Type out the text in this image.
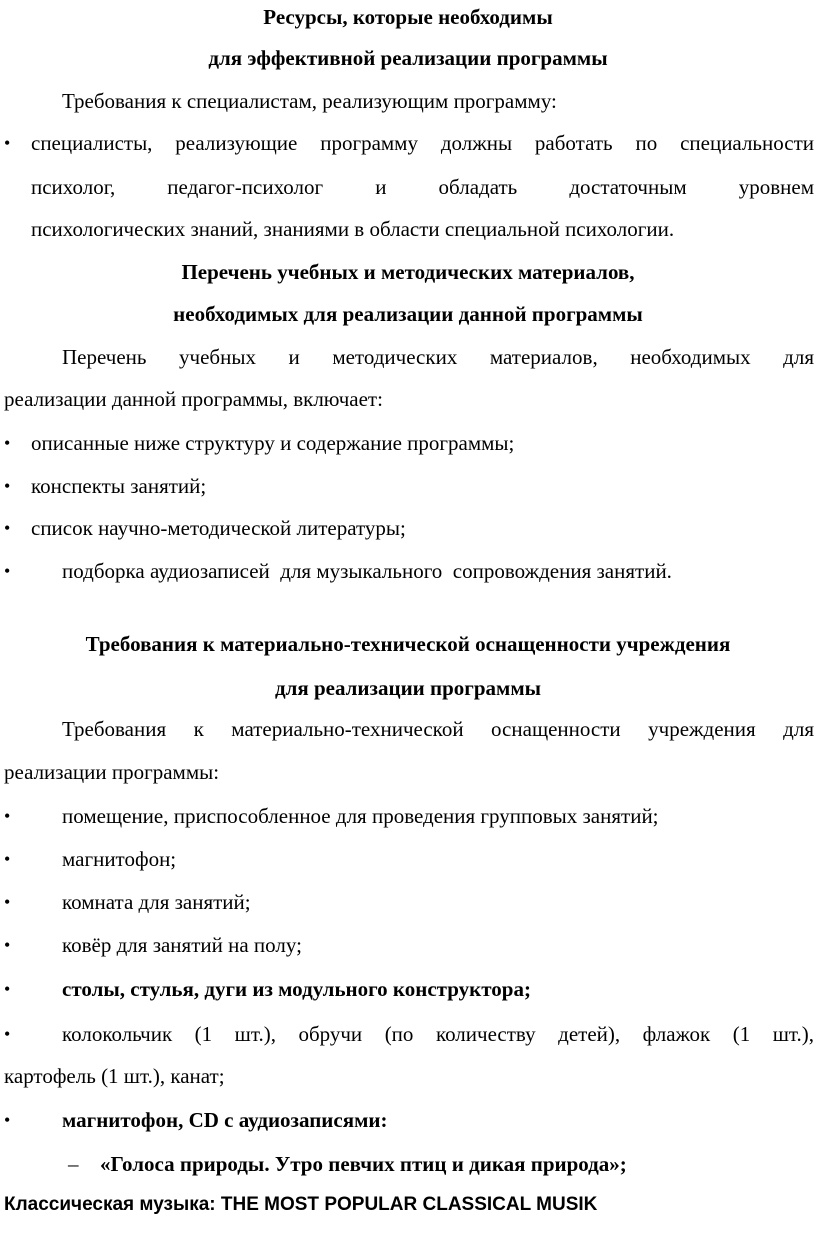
Ресурсы, которые необходимы
для эффективной реализации программы
Требования к специалистам, реализующим программу:
• специалисты, реализующие программу должны работать по специальности
психолог,     педагог-психолог     и     обладать     достаточным     уровнем
психологических знаний, знаниями в области специальной психологии.
Перечень учебных и методических материалов,
необходимых для реализации данной программы
Перечень учебных и методических материалов, необходимых для
реализации данной программы, включает:
• описанные ниже структуру и содержание программы;
• конспекты занятий;
• список научно-методической литературы;
• подборка аудиозаписей  для музыкального  сопровождения занятий.
Требования к материально-технической оснащенности учреждения
для реализации программы
Требования к материально-технической оснащенности учреждения для
реализации программы:
• помещение, приспособленное для проведения групповых занятий;
• магнитофон;
• комната для занятий;
• ковёр для занятий на полу;
• столы, стулья, дуги из модульного конструктора;
• колокольчик (1 шт.), обручи (по количеству детей), флажок (1 шт.),
картофель (1 шт.), канат;
• магнитофон, CD с аудиозаписями:
– «Голоса природы. Утро певчих птиц и дикая природа»;
Классическая музыка: THE MOST POPULAR CLASSICAL MUSIK
